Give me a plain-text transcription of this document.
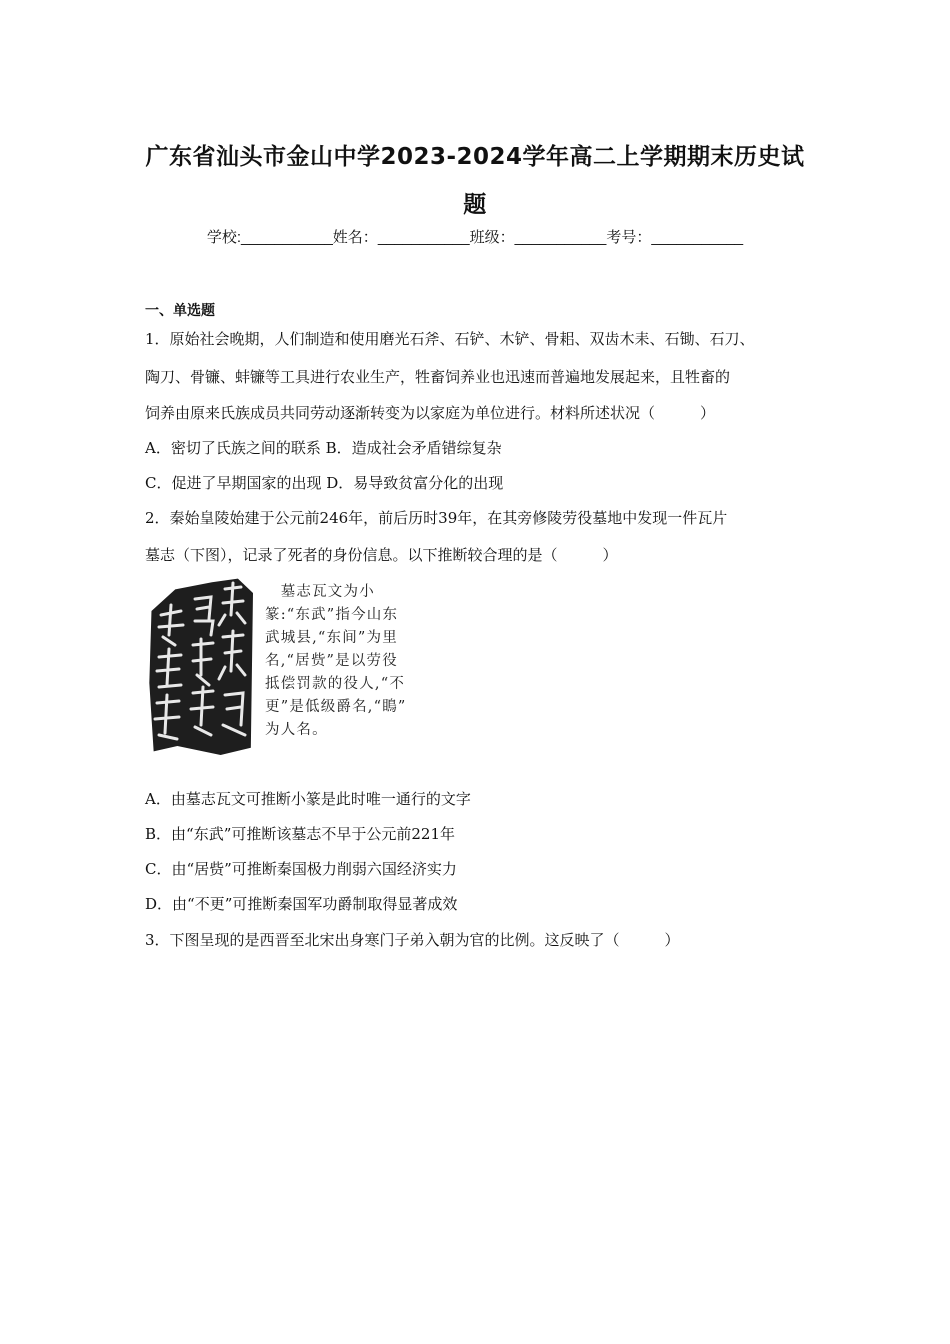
广东省汕头市金山中学2023-2024学年高二上学期期末历史试
题
学校:___________姓名：___________班级：___________考号：___________
一、单选题
1．原始社会晚期，人们制造和使用磨光石斧、石铲、木铲、骨耜、双齿木耒、石锄、石刀、
陶刀、骨镰、蚌镰等工具进行农业生产，牲畜饲养业也迅速而普遍地发展起来，且牲畜的
饲养由原来氏族成员共同劳动逐渐转变为以家庭为单位进行。材料所述状况（　　　）
A．密切了氏族之间的联系 B．造成社会矛盾错综复杂
C．促进了早期国家的出现 D．易导致贫富分化的出现
2．秦始皇陵始建于公元前246年，前后历时39年，在其旁修陵劳役墓地中发现一件瓦片
墓志（下图），记录了死者的身份信息。以下推断较合理的是（　　　）
　墓志瓦文为小
篆:“东武”指今山东
武城县,“东间”为里
名,“居赀”是以劳役
抵偿罚款的役人,“不
更”是低级爵名,“瞗”
为人名。
A．由墓志瓦文可推断小篆是此时唯一通行的文字
B．由“东武”可推断该墓志不早于公元前221年
C．由“居赀”可推断秦国极力削弱六国经济实力
D．由“不更”可推断秦国军功爵制取得显著成效
3．下图呈现的是西晋至北宋出身寒门子弟入朝为官的比例。这反映了（　　　）
